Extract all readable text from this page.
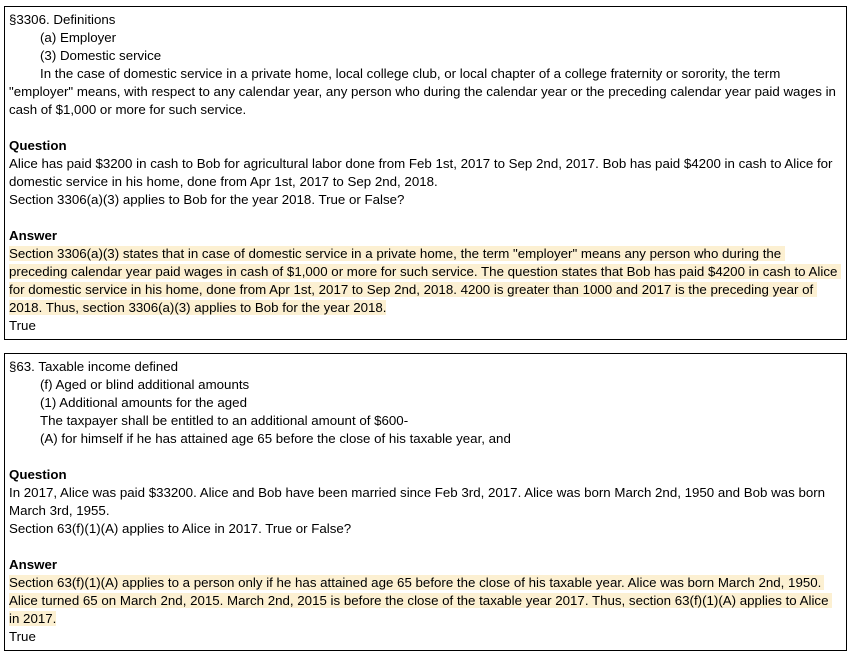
§3306. Definitions
(a) Employer
(3) Domestic service

In the case of domestic service in a private home, local college club, or local chapter of a college fraternity or sorority, the term "employer" means, with respect to any calendar year, any person who during the calendar year or the preceding calendar year paid wages in cash of $1,000 or more for such service.

Question
Alice has paid $3200 in cash to Bob for agricultural labor done from Feb 1st, 2017 to Sep 2nd, 2017. Bob has paid $4200 in cash to Alice for domestic service in his home, done from Apr 1st, 2017 to Sep 2nd, 2018.
Section 3306(a)(3) applies to Bob for the year 2018. True or False?
Answer
Section 3306(a)(3) states that in case of domestic service in a private home, the term "employer" means any person who during the preceding calendar year paid wages in cash of $1,000 or more for such service. The question states that Bob has paid $4200 in cash to Alice for domestic service in his home, done from Apr 1st, 2017 to Sep 2nd, 2018. 4200 is greater than 1000 and 2017 is the preceding year of 2018. Thus, section 3306(a)(3) applies to Bob for the year 2018.
True
§63. Taxable income defined
(f) Aged or blind additional amounts
(1) Additional amounts for the aged
The taxpayer shall be entitled to an additional amount of $600-
(A) for himself if he has attained age 65 before the close of his taxable year, and
Question
In 2017, Alice was paid $33200. Alice and Bob have been married since Feb 3rd, 2017. Alice was born March 2nd, 1950 and Bob was born March 3rd, 1955.
Section 63(f)(1)(A) applies to Alice in 2017. True or False?
Answer
Section 63(f)(1)(A) applies to a person only if he has attained age 65 before the close of his taxable year. Alice was born March 2nd, 1950. Alice turned 65 on March 2nd, 2015. March 2nd, 2015 is before the close of the taxable year 2017. Thus, section 63(f)(1)(A) applies to Alice in 2017.
True
